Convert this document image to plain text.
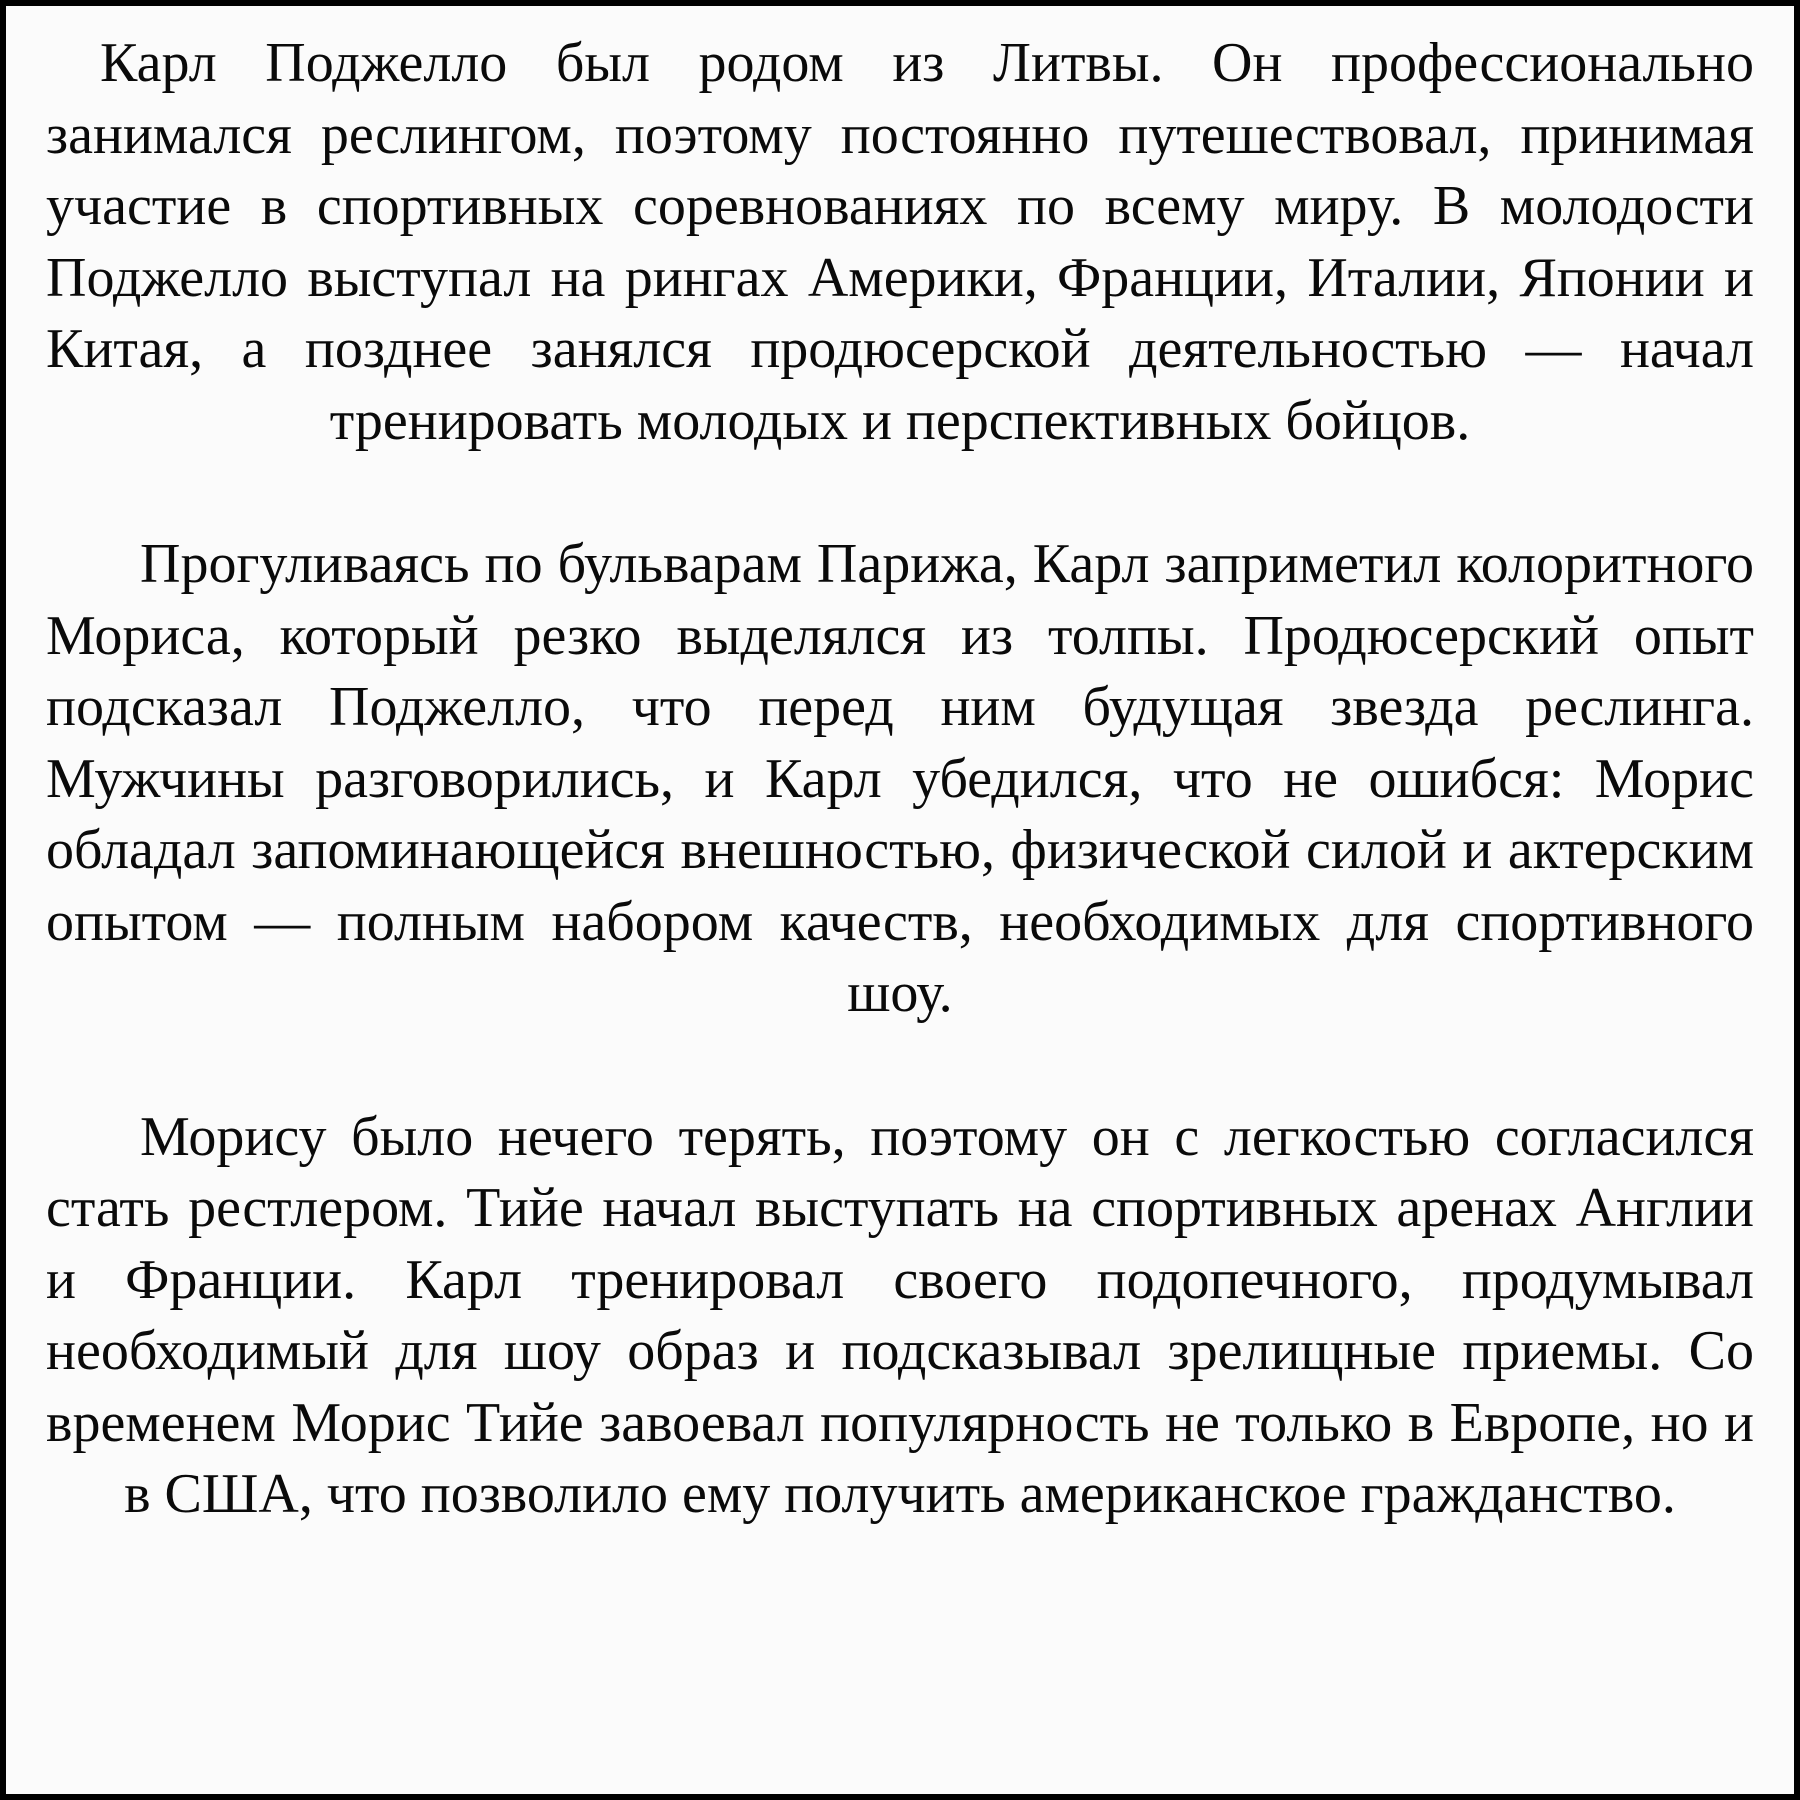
Карл Поджелло был родом из Литвы. Он профессионально занимался реслингом, поэтому постоянно путешествовал, принимая участие в спортивных соревнованиях по всему миру. В молодости Поджелло выступал на рингах Америки, Франции, Италии, Японии и Китая, а позднее занялся продюсерской деятельностью — начал тренировать молодых и перспективных бойцов.

Прогуливаясь по бульварам Парижа, Карл заприметил колоритного Мориса, который резко выделялся из толпы. Продюсерский опыт подсказал Поджелло, что перед ним будущая звезда реслинга. Мужчины разговорились, и Карл убедился, что не ошибся: Морис обладал запоминающейся внешностью, физической силой и актерским опытом — полным набором качеств, необходимых для спортивного шоу.

Морису было нечего терять, поэтому он с легкостью согласился стать рестлером. Тийе начал выступать на спортивных аренах Англии и Франции. Карл тренировал своего подопечного, продумывал необходимый для шоу образ и подсказывал зрелищные приемы. Со временем Морис Тийе завоевал популярность не только в Европе, но и в США, что позволило ему получить американское гражданство.
